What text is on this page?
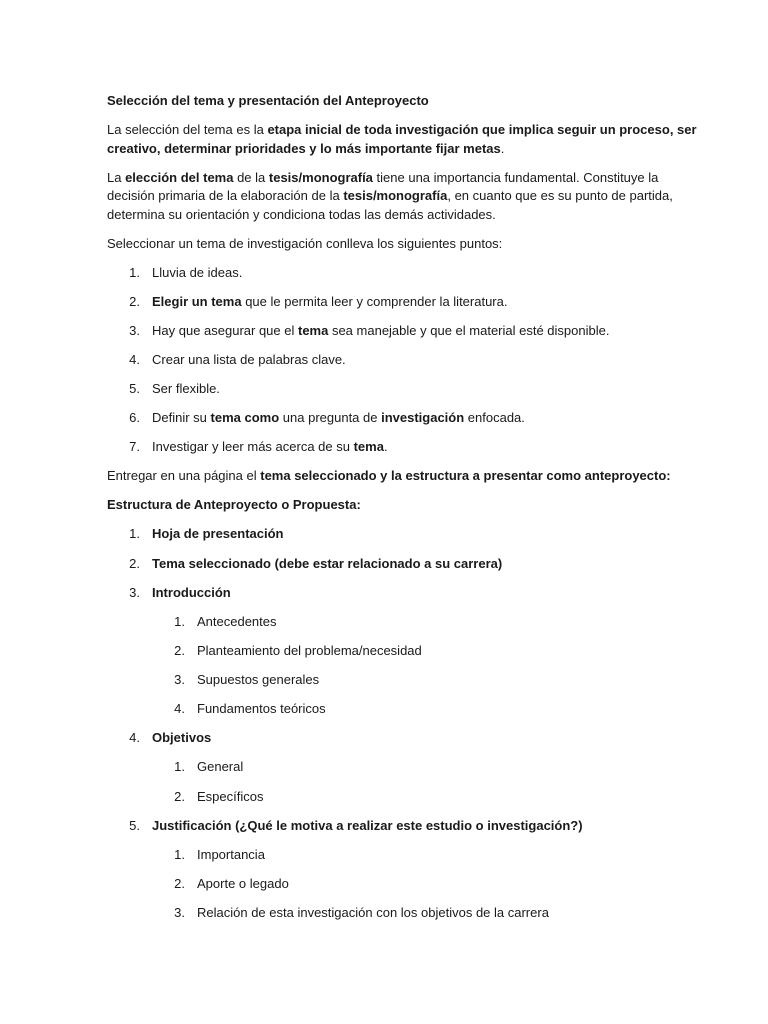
Selección del tema y presentación del Anteproyecto
La selección del tema es la etapa inicial de toda investigación que implica seguir un proceso, ser
creativo, determinar prioridades y lo más importante fijar metas.
La elección del tema de la tesis/monografía tiene una importancia fundamental. Constituye la
decisión primaria de la elaboración de la tesis/monografía, en cuanto que es su punto de partida,
determina su orientación y condiciona todas las demás actividades.
Seleccionar un tema de investigación conlleva los siguientes puntos:
1. Lluvia de ideas.
2. Elegir un tema que le permita leer y comprender la literatura.
3. Hay que asegurar que el tema sea manejable y que el material esté disponible.
4. Crear una lista de palabras clave.
5. Ser flexible.
6. Definir su tema como una pregunta de investigación enfocada.
7. Investigar y leer más acerca de su tema.
Entregar en una página el tema seleccionado y la estructura a presentar como anteproyecto:
Estructura de Anteproyecto o Propuesta:
1. Hoja de presentación
2. Tema seleccionado (debe estar relacionado a su carrera)
3. Introducción
1. Antecedentes
2. Planteamiento del problema/necesidad
3. Supuestos generales
4. Fundamentos teóricos
4. Objetivos
1. General
2. Específicos
5. Justificación (¿Qué le motiva a realizar este estudio o investigación?)
1. Importancia
2. Aporte o legado
3. Relación de esta investigación con los objetivos de la carrera
